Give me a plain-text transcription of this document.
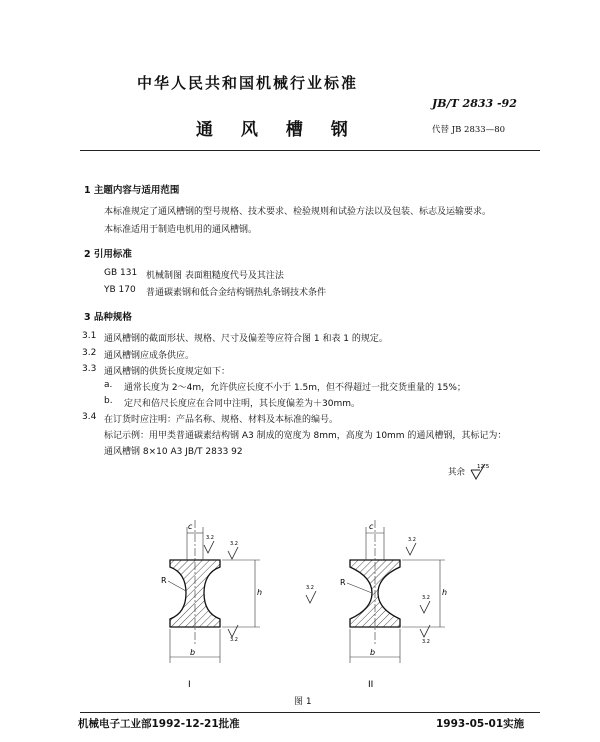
中华人民共和国机械行业标准
JB/T 2833 -92
通 风 槽 钢	代替 JB 2833—80
1 主题内容与适用范围
本标准规定了通风槽钢的型号规格、技术要求、检验规则和试验方法以及包装、标志及运输要求。
本标准适用于制造电机用的通风槽钢。
2 引用标准
GB 131 机械制图 表面粗糙度代号及其注法
YB 170 普通碳素钢和低合金结构钢热轧条钢技术条件
3 品种规格
3.1 通风槽钢的截面形状、规格、尺寸及偏差等应符合图 1 和表 1 的规定。
3.2 通风槽钢应成条供应。
3.3 通风槽钢的供货长度规定如下：
a. 通常长度为 2～4m，允许供应长度不小于 1.5m，但不得超过一批交货重量的 15%；
b. 定尺和倍尺长度应在合同中注明，其长度偏差为＋30mm。
3.4 在订货时应注明：产品名称、规格、材料及本标准的编号。
标记示例：用甲类普通碳素结构钢 A3 制成的宽度为 8mm，高度为 10mm 的通风槽钢，其标记为：
通风槽钢 8×10 A3 JB/T 2833 92
其余
12.5
c
h
b
R
3.2
3.2
3.2
I
c
h
b
R
3.2
3.2
3.2
3.2
II
图 1
机械电子工业部1992-12-21批准	1993-05-01实施
